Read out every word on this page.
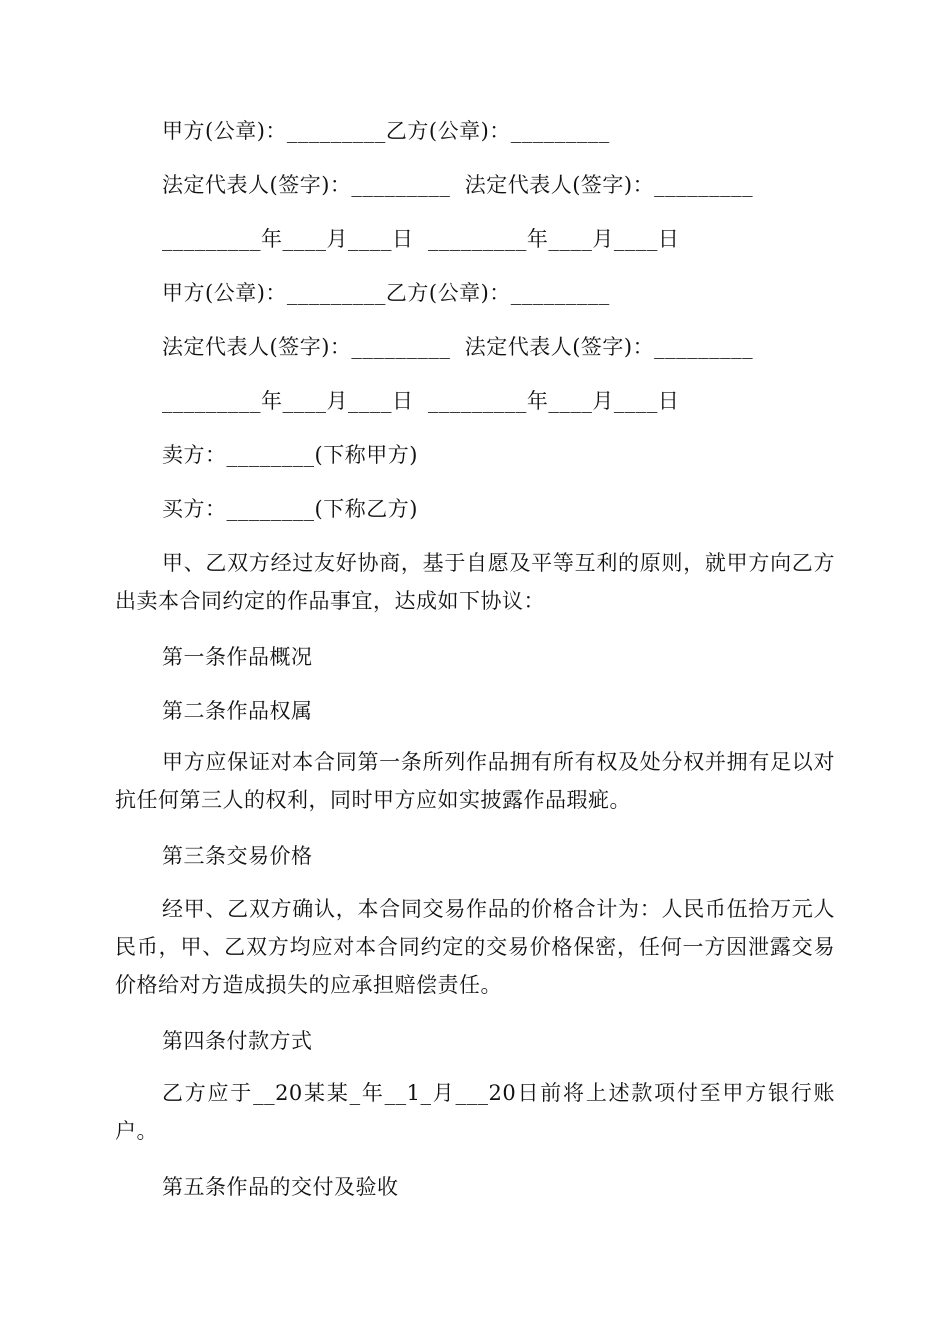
甲方(公章)：_________乙方(公章)：_________
法定代表人(签字)：_________  法定代表人(签字)：_________
_________年____月____日  _________年____月____日
甲方(公章)：_________乙方(公章)：_________
法定代表人(签字)：_________  法定代表人(签字)：_________
_________年____月____日  _________年____月____日
卖方：________(下称甲方)
买方：________(下称乙方)
甲、乙双方经过友好协商，基于自愿及平等互利的原则，就甲方向乙方出卖本合同约定的作品事宜，达成如下协议：
第一条作品概况
第二条作品权属
甲方应保证对本合同第一条所列作品拥有所有权及处分权并拥有足以对抗任何第三人的权利，同时甲方应如实披露作品瑕疵。
第三条交易价格
经甲、乙双方确认，本合同交易作品的价格合计为：人民币伍拾万元人民币，甲、乙双方均应对本合同约定的交易价格保密，任何一方因泄露交易价格给对方造成损失的应承担赔偿责任。
第四条付款方式
乙方应于__20某某_年__1_月___20日前将上述款项付至甲方银行账户。
第五条作品的交付及验收
